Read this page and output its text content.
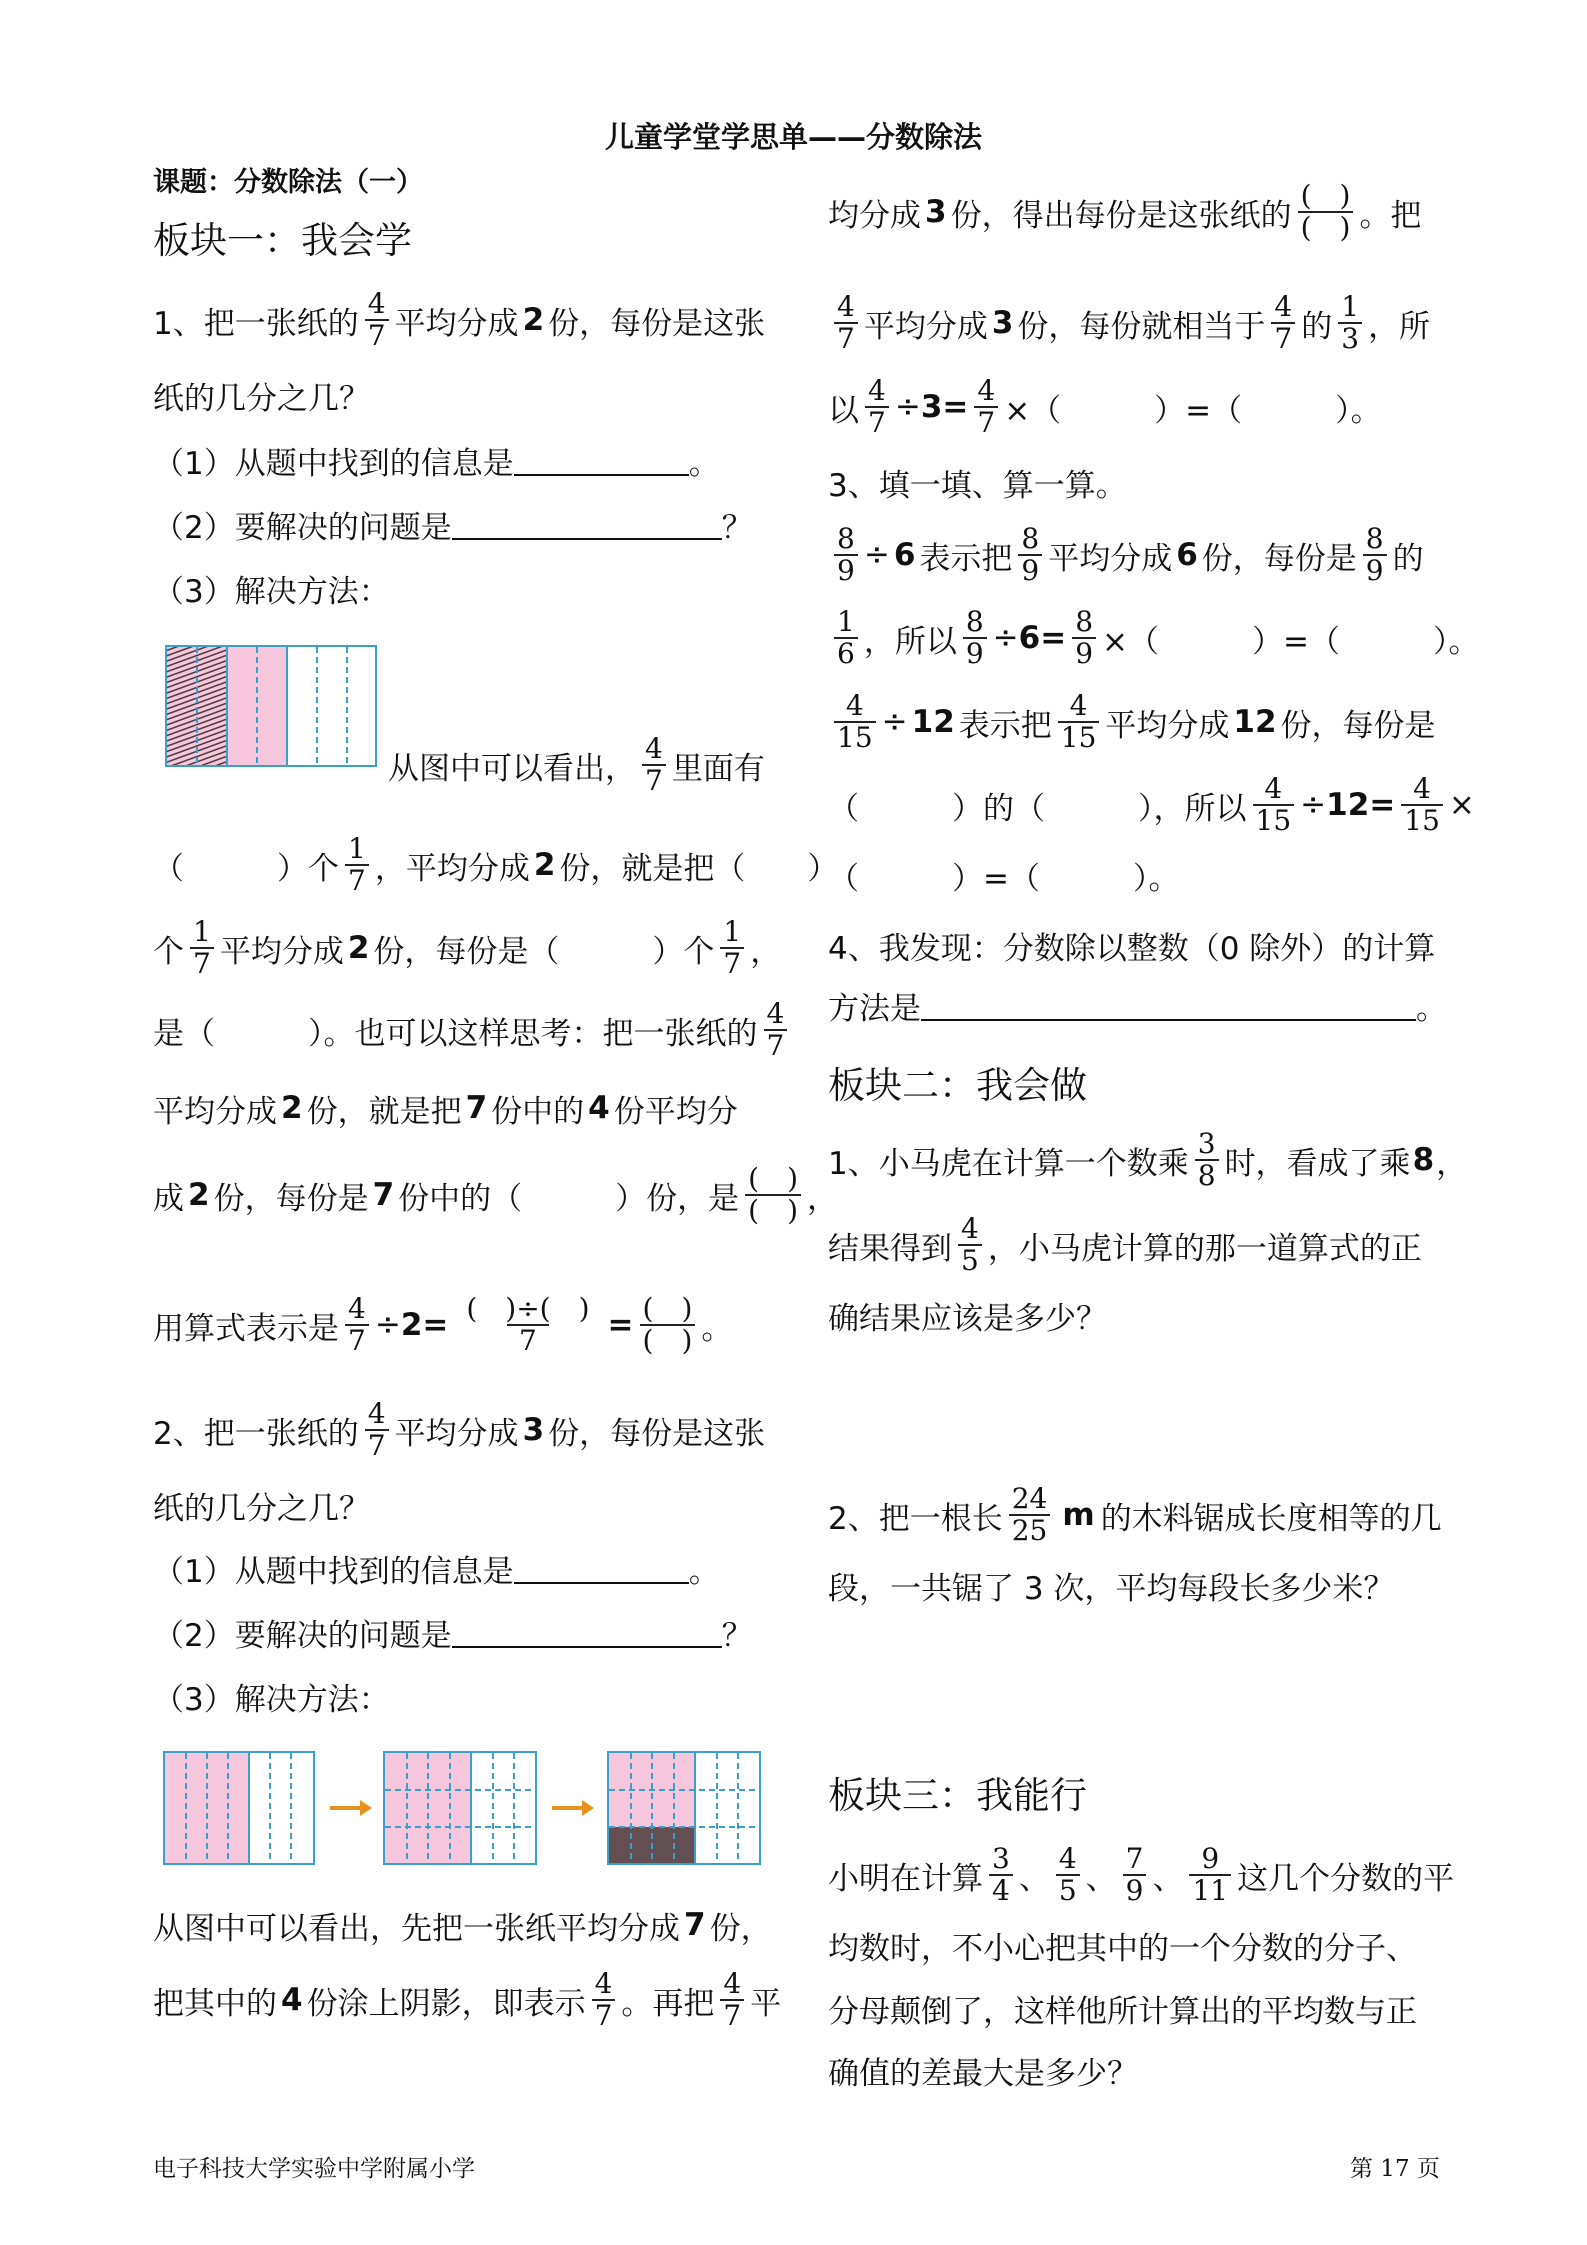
儿童学堂学思单——分数除法
课题：分数除法（一）
板块一：我会学
1、把一张纸的 $\frac{4}{7}$ 平均分成 2 份，每份是这张
纸的几分之几？
（1）从题中找到的信息是	。
（2）要解决的问题是	？
（3）解决方法：
从图中可以看出， $\frac{4}{7}$ 里面有
（　　　）个 $\frac{1}{7}$ ，平均分成 2 份，就是把（　　）
个 $\frac{1}{7}$ 平均分成 2 份，每份是（　　　）个 $\frac{1}{7}$ ，
是（　　　）。也可以这样思考：把一张纸的 $\frac{4}{7}$
平均分成 2 份，就是把 7 份中的 4 份平均分
成 2 份，每份是 7 份中的（　　　）份，是 $\frac{( )}{( )}$ ，
用算式表示是 $\frac{4}{7} \div 2= \frac{( )\div( )}{7} = \frac{( )}{( )}$ 。
2、把一张纸的 $\frac{4}{7}$ 平均分成 3 份，每份是这张
纸的几分之几？
（1）从题中找到的信息是	。
（2）要解决的问题是	？
（3）解决方法：
从图中可以看出，先把一张纸平均分成 7 份，
把其中的 4 份涂上阴影，即表示 $\frac{4}{7}$ 。再把 $\frac{4}{7}$ 平
均分成 3 份，得出每份是这张纸的 $\frac{( )}{( )}$ 。把
$\frac{4}{7}$ 平均分成 3 份，每份就相当于 $\frac{4}{7}$ 的 $\frac{1}{3}$ ，所
以 $\frac{4}{7} \div 3= \frac{4}{7}$ ×（　　　）=（　　　）。
3、填一填、算一算。
$\frac{8}{9} \div 6$ 表示把 $\frac{8}{9}$ 平均分成 6 份，每份是 $\frac{8}{9}$ 的
$\frac{1}{6}$ ，所以 $\frac{8}{9} \div 6= \frac{8}{9}$ ×（　　　）=（　　　）。
$\frac{4}{15} \div 12$ 表示把 $\frac{4}{15}$ 平均分成 12 份，每份是
（　　　）的（　　　），所以 $\frac{4}{15} \div 12= \frac{4}{15}$ ×
（　　　）=（　　　）。
4、我发现：分数除以整数（0 除外）的计算
方法是	。
板块二：我会做
1、小马虎在计算一个数乘 $\frac{3}{8}$ 时，看成了乘 8 ，
结果得到 $\frac{4}{5}$ ，小马虎计算的那一道算式的正
确结果应该是多少？
2、把一根长 $\frac{24}{25}$ m 的木料锯成长度相等的几
段，一共锯了 3 次，平均每段长多少米？
板块三：我能行
小明在计算 $\frac{3}{4}$ 、 $\frac{4}{5}$ 、 $\frac{7}{9}$ 、 $\frac{9}{11}$ 这几个分数的平
均数时，不小心把其中的一个分数的分子、
分母颠倒了，这样他所计算出的平均数与正
确值的差最大是多少？
电子科技大学实验中学附属小学	第 17 页
